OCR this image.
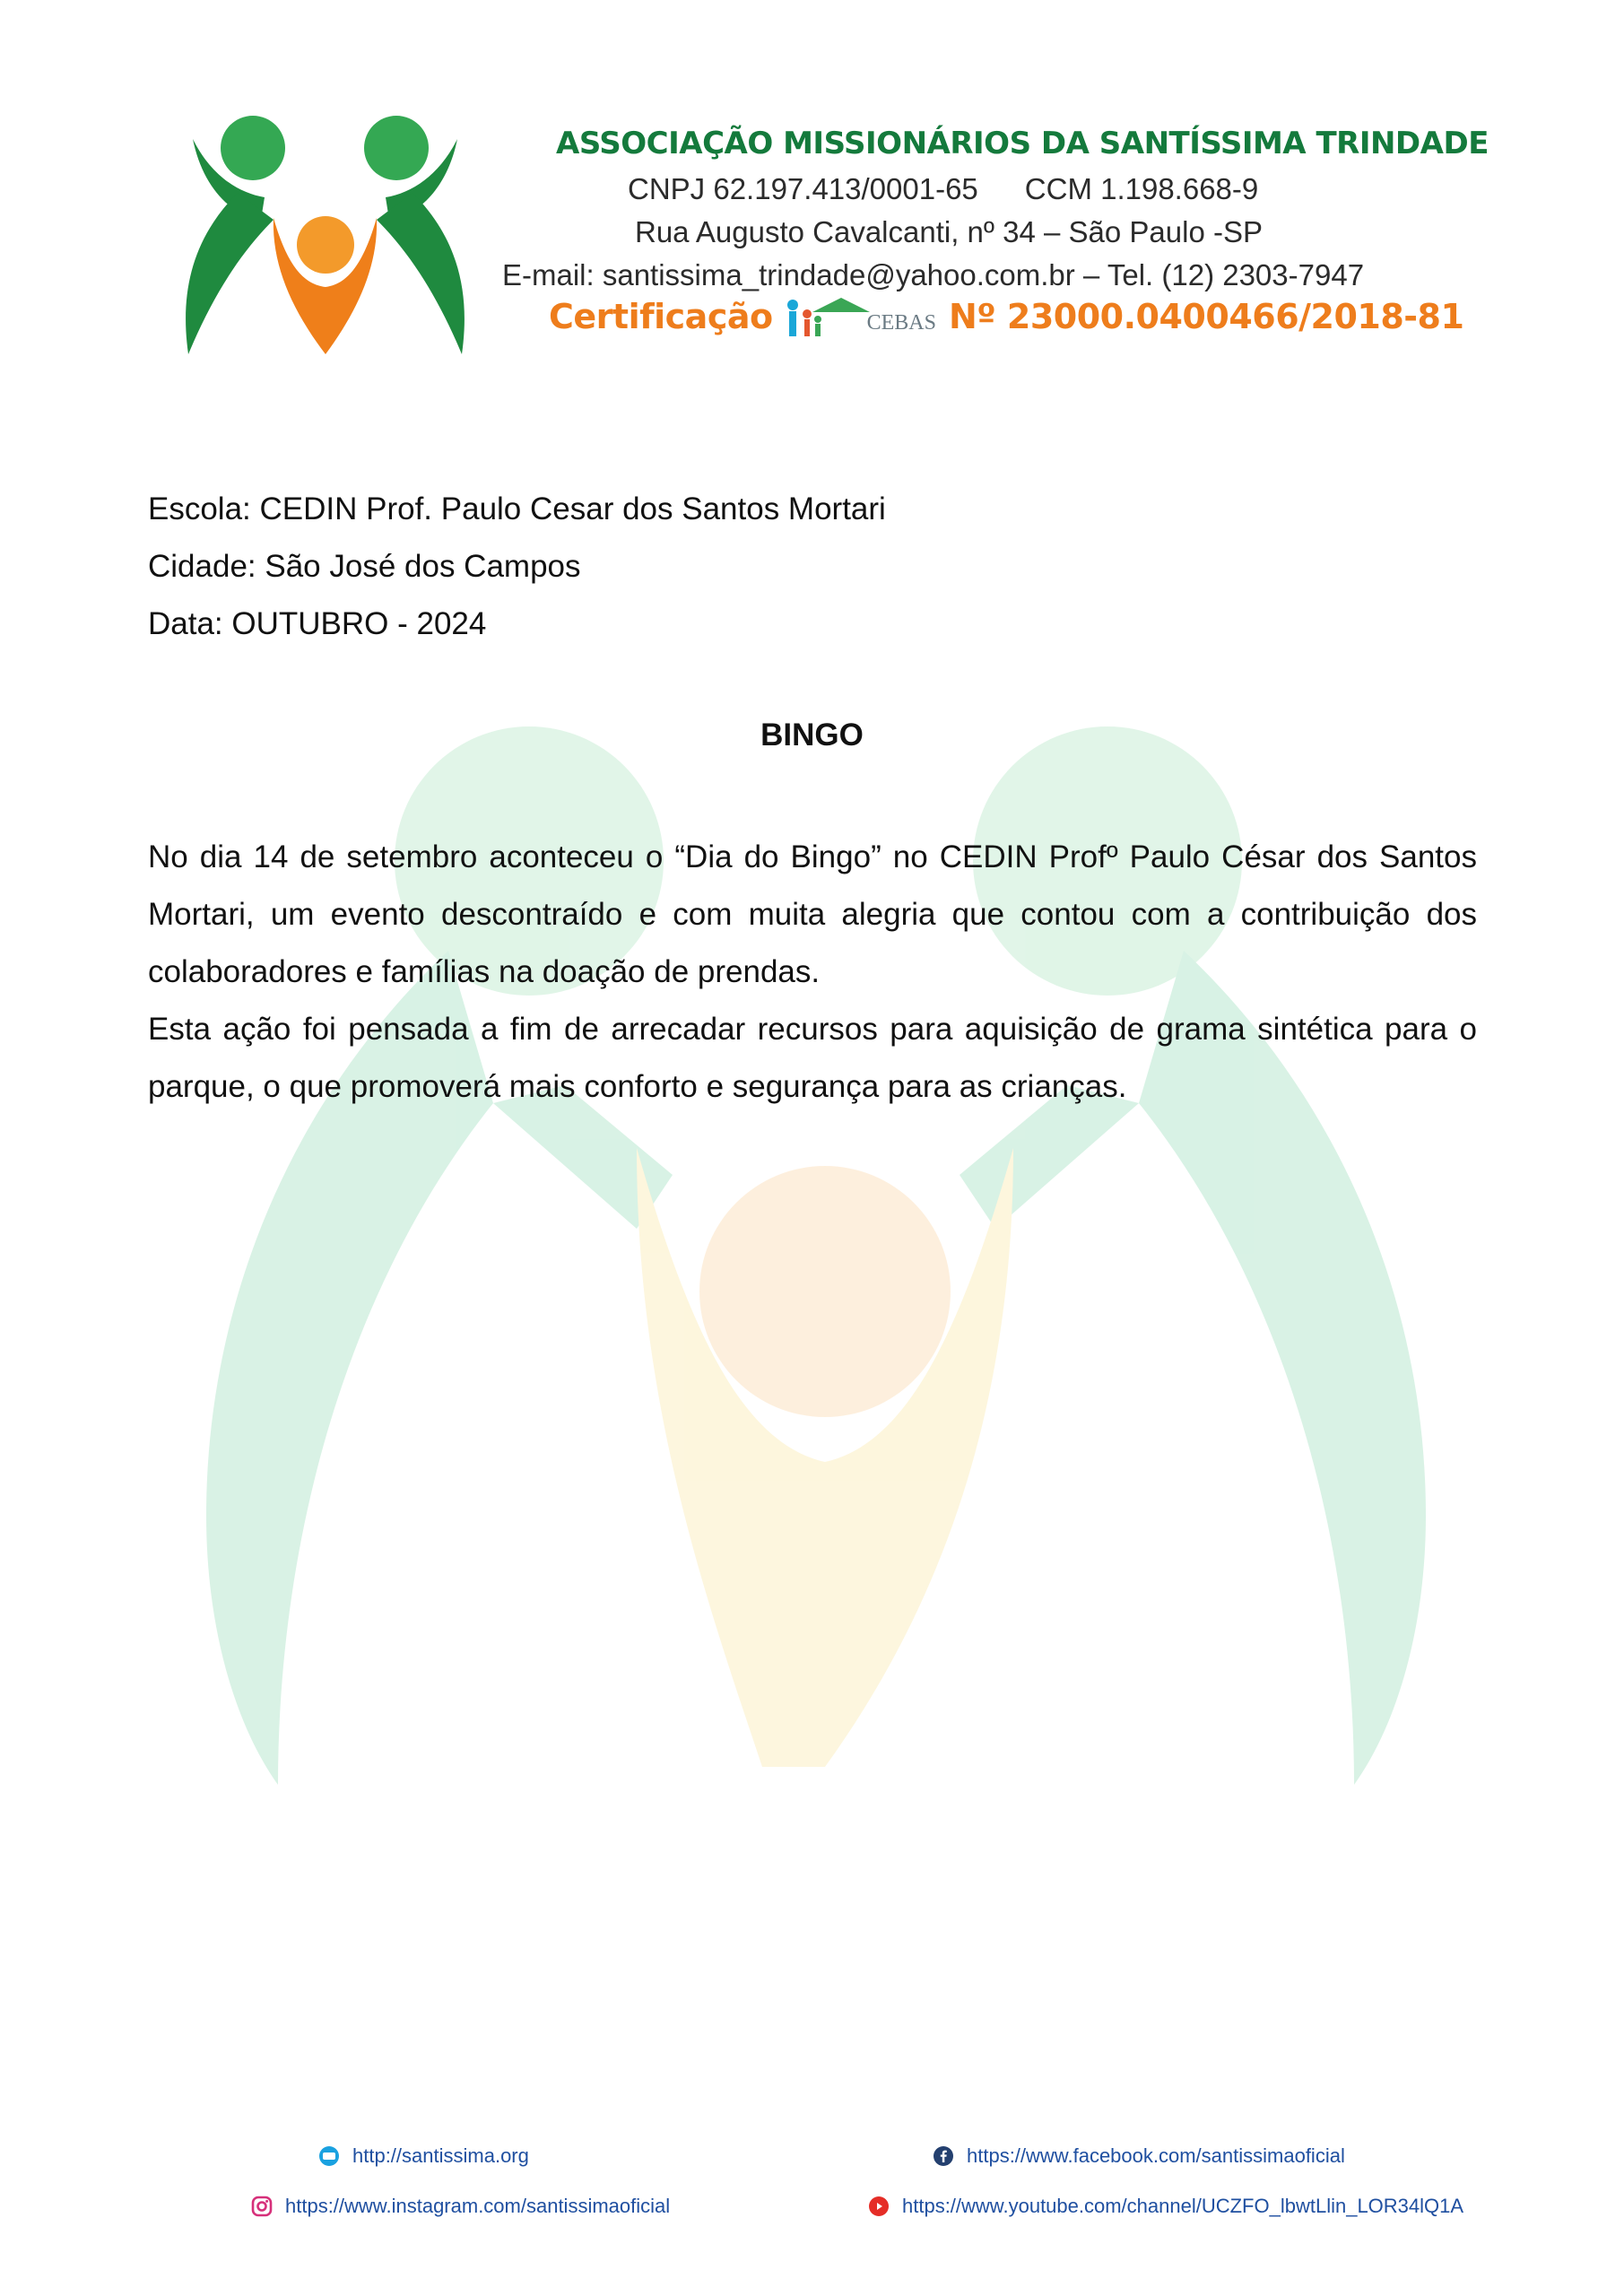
ASSOCIAÇÃO MISSIONÁRIOS DA SANTÍSSIMA TRINDADE
CNPJ 62.197.413/0001-65 CCM 1.198.668-9
Rua Augusto Cavalcanti, nº 34 – São Paulo -SP
E-mail: santissima_trindade@yahoo.com.br – Tel. (12) 2303-7947
Certificação	CEBAS Nº 23000.0400466/2018-81
Escola: CEDIN Prof. Paulo Cesar dos Santos Mortari
Cidade: São José dos Campos
Data: OUTUBRO - 2024
BINGO

No dia 14 de setembro aconteceu o “Dia do Bingo” no CEDIN Profº Paulo César dos Santos Mortari, um evento descontraído e com muita alegria que contou com a contribuição dos colaboradores e famílias na doação de prendas.

Esta ação foi pensada a fim de arrecadar recursos para aquisição de grama sintética para o parque, o que promoverá mais conforto e segurança para as crianças.

http://santissima.org
https://www.instagram.com/santissimaoficial
https://www.facebook.com/santissimaoficial
https://www.youtube.com/channel/UCZFO_lbwtLlin_LOR34lQ1A
